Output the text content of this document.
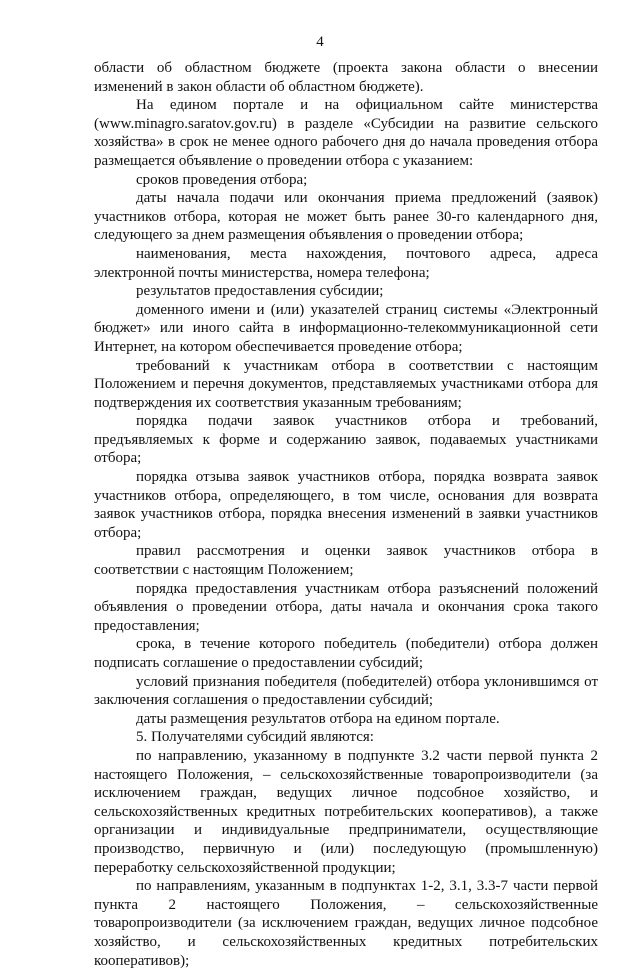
4

области об областном бюджете (проекта закона области о внесении изменений в закон области об областном бюджете).

На едином портале и на официальном сайте министерства (www.minagro.saratov.gov.ru) в разделе «Субсидии на развитие сельского хозяйства» в срок не менее одного рабочего дня до начала проведения отбора размещается объявление о проведении отбора с указанием:

сроков проведения отбора;

даты начала подачи или окончания приема предложений (заявок) участников отбора, которая не может быть ранее 30-го календарного дня, следующего за днем размещения объявления о проведении отбора;

наименования, места нахождения, почтового адреса, адреса электронной почты министерства, номера телефона;

результатов предоставления субсидии;

доменного имени и (или) указателей страниц системы «Электронный бюджет» или иного сайта в информационно-телекоммуникационной сети Интернет, на котором обеспечивается проведение отбора;

требований к участникам отбора в соответствии с настоящим Положением и перечня документов, представляемых участниками отбора для подтверждения их соответствия указанным требованиям;

порядка подачи заявок участников отбора и требований, предъявляемых к форме и содержанию заявок, подаваемых участниками отбора;

порядка отзыва заявок участников отбора, порядка возврата заявок участников отбора, определяющего, в том числе, основания для возврата заявок участников отбора, порядка внесения изменений в заявки участников отбора;

правил рассмотрения и оценки заявок участников отбора в соответствии с настоящим Положением;

порядка предоставления участникам отбора разъяснений положений объявления о проведении отбора, даты начала и окончания срока такого предоставления;

срока, в течение которого победитель (победители) отбора должен подписать соглашение о предоставлении субсидий;

условий признания победителя (победителей) отбора уклонившимся от заключения соглашения о предоставлении субсидий;

даты размещения результатов отбора на едином портале.

5. Получателями субсидий являются:

по направлению, указанному в подпункте 3.2 части первой пункта 2 настоящего Положения, – сельскохозяйственные товаропроизводители (за исключением граждан, ведущих личное подсобное хозяйство, и сельскохозяйственных кредитных потребительских кооперативов), а также организации и индивидуальные предприниматели, осуществляющие производство, первичную и (или) последующую (промышленную) переработку сельскохозяйственной продукции;

по направлениям, указанным в подпунктах 1-2, 3.1, 3.3-7 части первой пункта 2 настоящего Положения, – сельскохозяйственные товаропроизводители (за исключением граждан, ведущих личное подсобное хозяйство, и сельскохозяйственных кредитных потребительских кооперативов);
